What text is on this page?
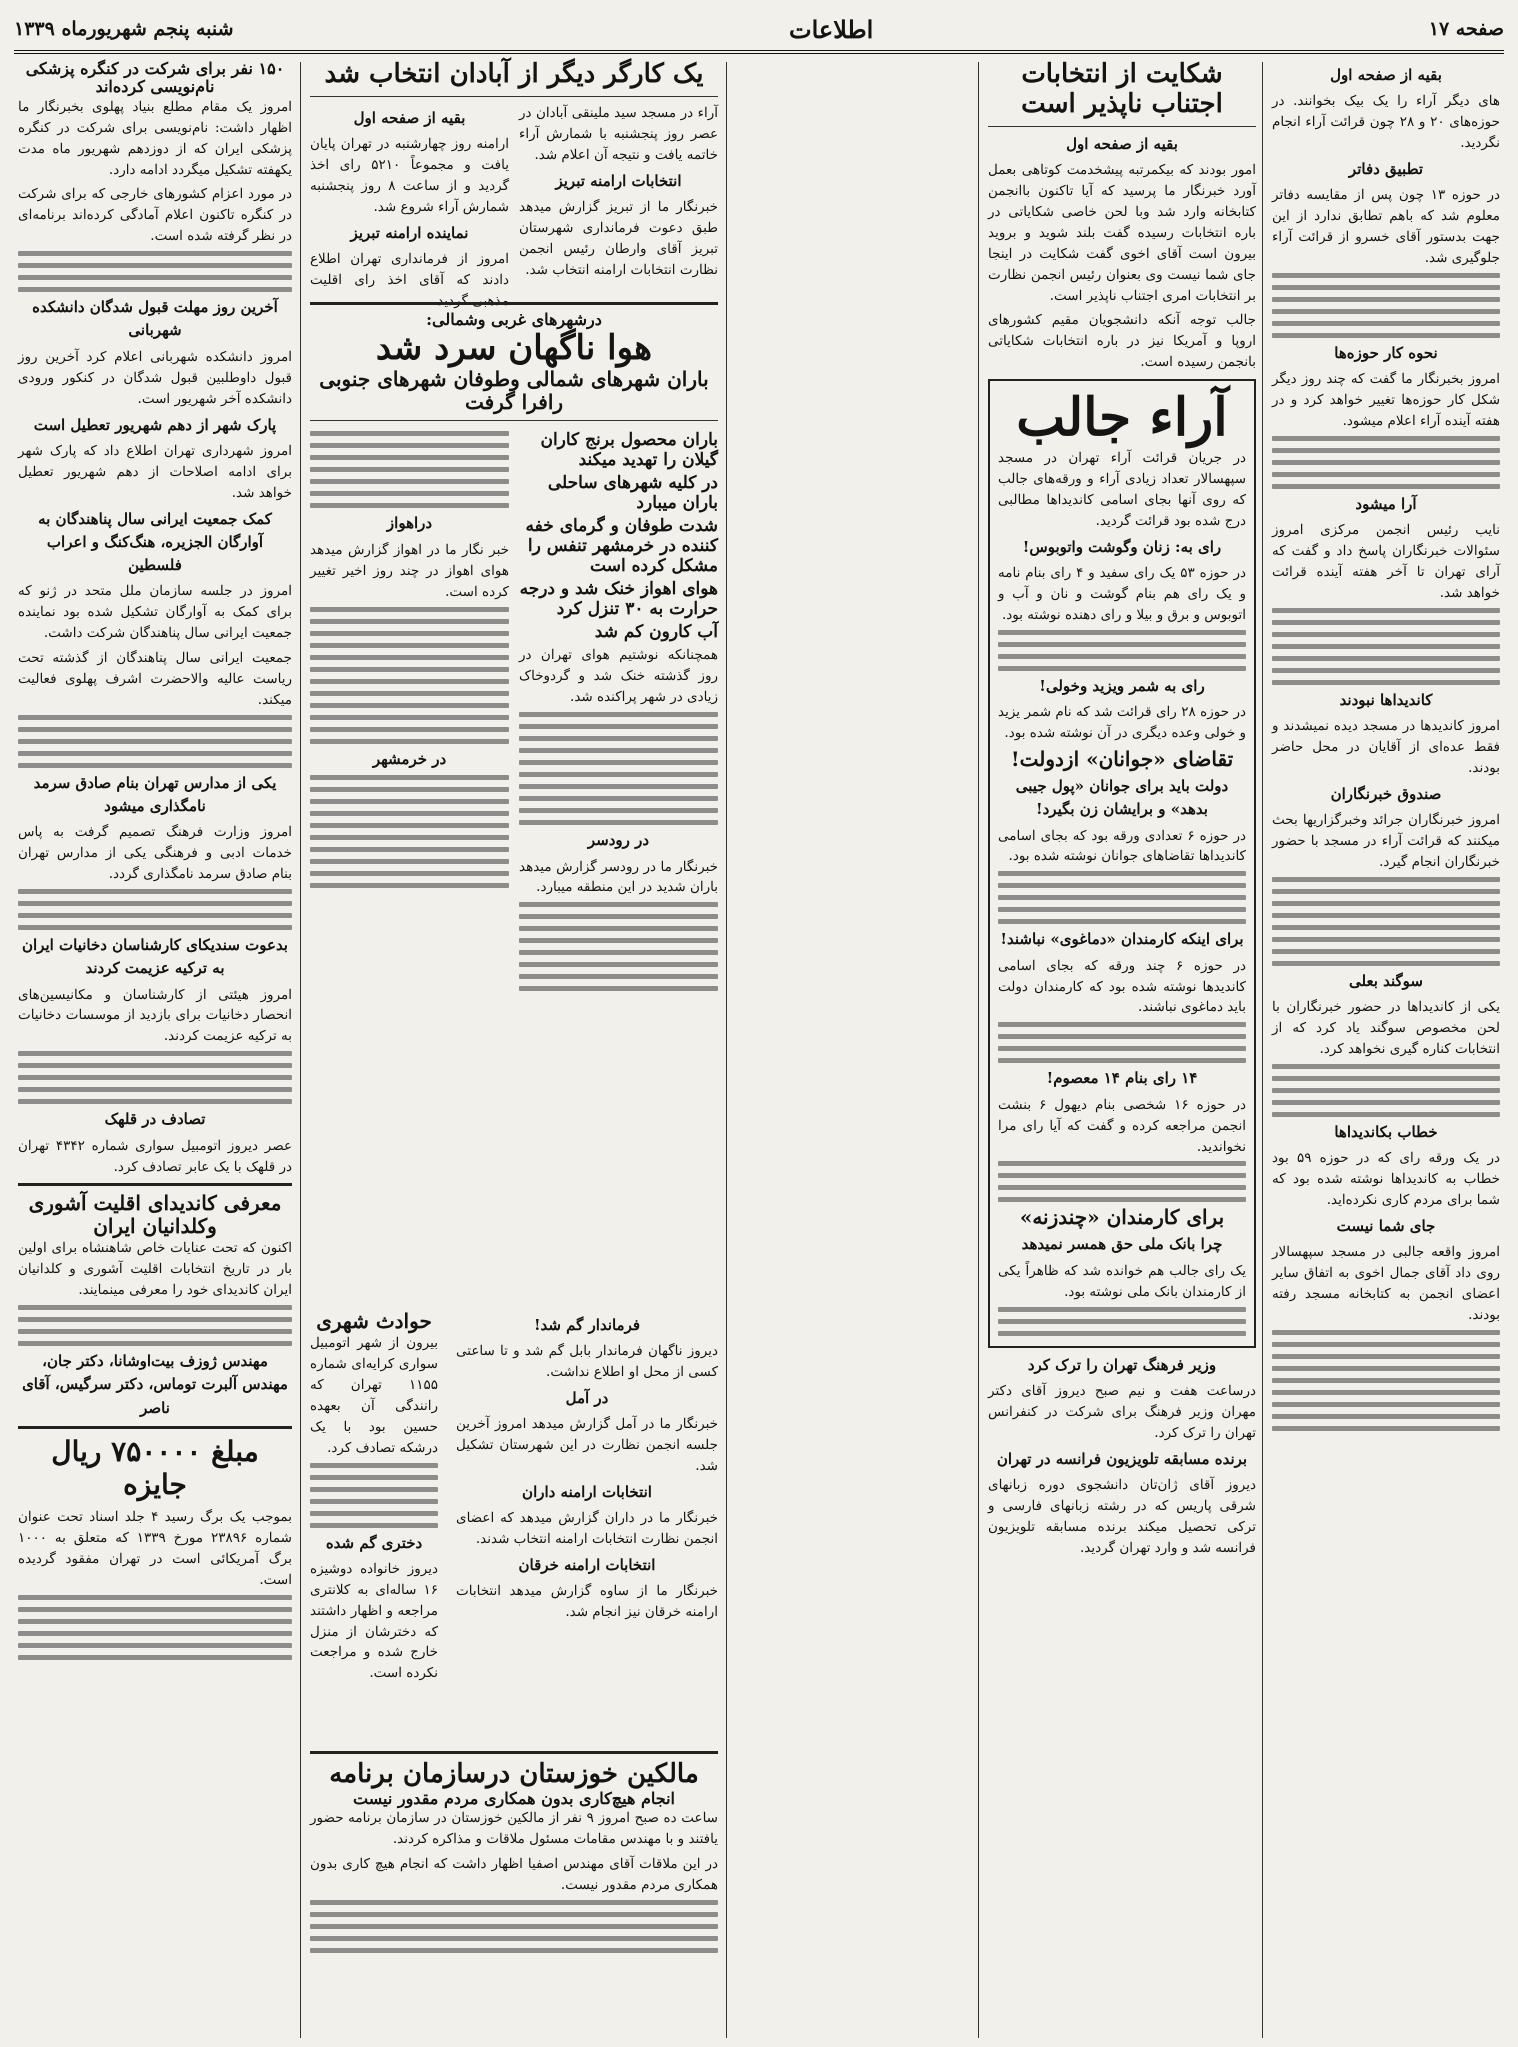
صفحه ۱۷
اطلاعات
شنبه پنجم شهریورماه ۱۳۳۹

بقیه از صفحه اول

های دیگر آراء را یک بیک بخوانند. در حوزه‌های ۲۰ و ۲۸ چون قرائت آراء انجام نگردید.

تطبیق دفاتر

در حوزه ۱۳ چون پس از مقایسه دفاتر معلوم شد که باهم تطابق ندارد از این جهت بدستور آقای خسرو از قرائت آراء جلوگیری شد.

نحوه کار حوزه‌ها

امروز بخبرنگار ما گفت که چند روز دیگر شکل کار حوزه‌ها تغییر خواهد کرد و در هفته آینده آراء اعلام میشود.

آرا میشود

نایب رئیس انجمن مرکزی امروز سئوالات خبرنگاران پاسخ داد و گفت که آرای تهران تا آخر هفته آینده قرائت خواهد شد.

کاندیداها نبودند

امروز کاندیدها در مسجد دیده نمیشدند و فقط عده‌ای از آقایان در محل حاضر بودند.

صندوق خبرنگاران

امروز خبرنگاران جرائد وخبرگزاریها بحث میکنند که قرائت آراء در مسجد با حضور خبرنگاران انجام گیرد.

سوگند بعلی

یکی از کاندیداها در حضور خبرنگاران با لحن مخصوص سوگند یاد کرد که از انتخابات کناره گیری نخواهد کرد.

خطاب بکاندیداها

در یک ورقه رای که در حوزه ۵۹ بود خطاب به کاندیداها نوشته شده بود که شما برای مردم کاری نکرده‌اید.

جای شما نیست

امروز واقعه جالبی در مسجد سپهسالار روی داد آقای جمال اخوی به اتفاق سایر اعضای انجمن به کتابخانه مسجد رفته بودند.

شکایت از انتخابات اجتناب ناپذیر است

بقیه از صفحه اول

امور بودند که بیکمرتبه پیشخدمت کوتاهی بعمل آورد خبرنگار ما پرسید که آیا تاکنون باانجمن کتابخانه وارد شد وبا لحن خاصی شکایاتی در باره انتخابات رسیده گفت بلند شوید و بروید بیرون است آقای اخوی گفت شکایت در اینجا جای شما نیست وی بعنوان رئیس انجمن نظارت بر انتخابات امری اجتناب ناپذیر است.

جالب توجه آنکه دانشجویان مقیم کشورهای اروپا و آمریکا نیز در باره انتخابات شکایاتی بانجمن رسیده است.

آراء جالب

در جریان قرائت آراء تهران در مسجد سپهسالار تعداد زیادی آراء و ورقه‌های جالب که روی آنها بجای اسامی کاندیداها مطالبی درج شده بود قرائت گردید.

رای به: زنان وگوشت واتوبوس!

در حوزه ۵۳ یک رای سفید و ۴ رای بنام نامه و یک رای هم بنام گوشت و نان و آب و اتوبوس و برق و بیلا و رای دهنده نوشته بود.

رای به شمر ویزید وخولی!

در حوزه ۲۸ رای قرائت شد که نام شمر یزید و خولی وعده دیگری در آن نوشته شده بود.

تقاضای «جوانان» ازدولت!

دولت باید برای جوانان «پول جیبی بدهد» و برایشان زن بگیرد!

در حوزه ۶ تعدادی ورقه بود که بجای اسامی کاندیداها تقاضاهای جوانان نوشته شده بود.

برای اینکه کارمندان «دماغوی» نباشند!

در حوزه ۶ چند ورقه که بجای اسامی کاندیدها نوشته شده بود که کارمندان دولت باید دماغوی نباشند.

۱۴ رای بنام ۱۴ معصوم!

در حوزه ۱۶ شخصی بنام دیهول ۶ بنشت انجمن مراجعه کرده و گفت که آیا رای مرا نخواندید.

برای کارمندان «چندزنه»

چرا بانک ملی حق همسر نمیدهد

یک رای جالب هم خوانده شد که ظاهراً یکی از کارمندان بانک ملی نوشته بود.

وزیر فرهنگ تهران را ترک کرد

درساعت هفت و نیم صبح دیروز آقای دکتر مهران وزیر فرهنگ برای شرکت در کنفرانس تهران را ترک کرد.

برنده مسابقه تلویزیون فرانسه در تهران

دیروز آقای ژان‌تان دانشجوی دوره زبانهای شرقی پاریس که در رشته زبانهای فارسی و ترکی تحصیل میکند برنده مسابقه تلویزیون فرانسه شد و وارد تهران گردید.

یک کارگر دیگر از آبادان انتخاب شد

آراء در مسجد سید ملینقی آبادان در عصر روز پنجشنبه با شمارش آراء خاتمه یافت و نتیجه آن اعلام شد.

انتخابات ارامنه تبریز

خبرنگار ما از تبریز گزارش میدهد طبق دعوت فرمانداری شهرستان تبریز آقای وارطان رئیس انجمن نظارت انتخابات ارامنه انتخاب شد.

بقیه از صفحه اول

ارامنه روز چهارشنبه در تهران پایان یافت و مجموعاً ۵۲۱۰ رای اخذ گردید و از ساعت ۸ روز پنجشنبه شمارش آراء شروع شد.

نماینده ارامنه تبریز

امروز از فرمانداری تهران اطلاع دادند که آقای اخذ رای اقلیت مذهبی گردید.

درشهرهای غربی وشمالی:
هوا ناگهان سرد شد
باران شهرهای شمالی وطوفان شهرهای جنوبی رافرا گرفت
باران محصول برنج کاران گیلان را تهدید میکند
در کلیه شهرهای ساحلی باران میبارد
شدت طوفان و گرمای خفه کننده در خرمشهر تنفس را مشکل کرده است
هوای اهواز خنک شد و درجه حرارت به ۳۰ تنزل کرد
آب کارون کم شد

همچنانکه نوشتیم هوای تهران در روز گذشته خنک شد و گردوخاک زیادی در شهر پراکنده شد.

در رودسر

خبرنگار ما در رودسر گزارش میدهد باران شدید در این منطقه میبارد.

دراهواز

خبر نگار ما در اهواز گزارش میدهد هوای اهواز در چند روز اخیر تغییر کرده است.

در خرمشهر

حوادث شهری

بیرون از شهر اتومبیل سواری کرایه‌ای شماره ۱۱۵۵ تهران که رانندگی آن بعهده حسین بود با یک درشکه تصادف کرد.

دختری گم شده

دیروز خانواده دوشیزه ۱۶ ساله‌ای به کلانتری مراجعه و اظهار داشتند که دخترشان از منزل خارج شده و مراجعت نکرده است.

فرماندار گم شد!

دیروز ناگهان فرماندار بابل گم شد و تا ساعتی کسی از محل او اطلاع نداشت.

در آمل

خبرنگار ما در آمل گزارش میدهد امروز آخرین جلسه انجمن نظارت در این شهرستان تشکیل شد.

انتخابات ارامنه داران

خبرنگار ما در داران گزارش میدهد که اعضای انجمن نظارت انتخابات ارامنه انتخاب شدند.

انتخابات ارامنه خرقان

خبرنگار ما از ساوه گزارش میدهد انتخابات ارامنه خرقان نیز انجام شد.

مالکین خوزستان درسازمان برنامه
انجام هیچ‌کاری بدون همکاری مردم مقدور نیست

ساعت ده صبح امروز ۹ نفر از مالکین خوزستان در سازمان برنامه حضور یافتند و با مهندس مقامات مسئول ملاقات و مذاکره کردند.

در این ملاقات آقای مهندس اصفیا اظهار داشت که انجام هیچ کاری بدون همکاری مردم مقدور نیست.

۱۵۰ نفر برای شرکت در کنگره پزشکی نام‌نویسی کرده‌اند

امروز یک مقام مطلع بنیاد پهلوی بخبرنگار ما اظهار داشت: نام‌نویسی برای شرکت در کنگره پزشکی ایران که از دوزدهم شهریور ماه مدت یکهفته تشکیل میگردد ادامه دارد.

در مورد اعزام کشورهای خارجی که برای شرکت در کنگره تاکنون اعلام آمادگی کرده‌اند برنامه‌ای در نظر گرفته شده است.

آخرین روز مهلت قبول شدگان دانشکده شهربانی

امروز دانشکده شهربانی اعلام کرد آخرین روز قبول داوطلبین قبول شدگان در کنکور ورودی دانشکده آخر شهریور است.

پارک شهر از دهم شهریور تعطیل است

امروز شهرداری تهران اطلاع داد که پارک شهر برای ادامه اصلاحات از دهم شهریور تعطیل خواهد شد.

کمک جمعیت ایرانی سال پناهندگان به آوارگان الجزیره، هنگ‌کنگ و اعراب فلسطین

امروز در جلسه سازمان ملل متحد در ژنو که برای کمک به آوارگان تشکیل شده بود نماینده جمعیت ایرانی سال پناهندگان شرکت داشت.

جمعیت ایرانی سال پناهندگان از گذشته تحت ریاست عالیه والاحضرت اشرف پهلوی فعالیت میکند.

یکی از مدارس تهران بنام صادق سرمد نامگذاری میشود

امروز وزارت فرهنگ تصمیم گرفت به پاس خدمات ادبی و فرهنگی یکی از مدارس تهران بنام صادق سرمد نامگذاری گردد.

بدعوت سندیکای کارشناسان دخانیات ایران به ترکیه عزیمت کردند

امروز هیئتی از کارشناسان و مکانیسین‌های انحصار دخانیات برای بازدید از موسسات دخانیات به ترکیه عزیمت کردند.

تصادف در قلهک

عصر دیروز اتومبیل سواری شماره ۴۳۴۲ تهران در قلهک با یک عابر تصادف کرد.

معرفی کاندیدای اقلیت آشوری وکلدانیان ایران

اکنون که تحت عنایات خاص شاهنشاه برای اولین بار در تاریخ انتخابات اقلیت آشوری و کلدانیان ایران کاندیدای خود را معرفی مینمایند.

مهندس ژوزف بیت‌اوشانا، دکتر جان، مهندس آلبرت توماس، دکتر سرگیس، آقای ناصر

مبلغ ۷۵۰۰۰۰ ریال جایزه

بموجب یک برگ رسید ۴ جلد اسناد تحت عنوان شماره ۲۳۸۹۶ مورخ ۱۳۳۹ که متعلق به ۱۰۰۰ برگ آمریکائی است در تهران مفقود گردیده است.
